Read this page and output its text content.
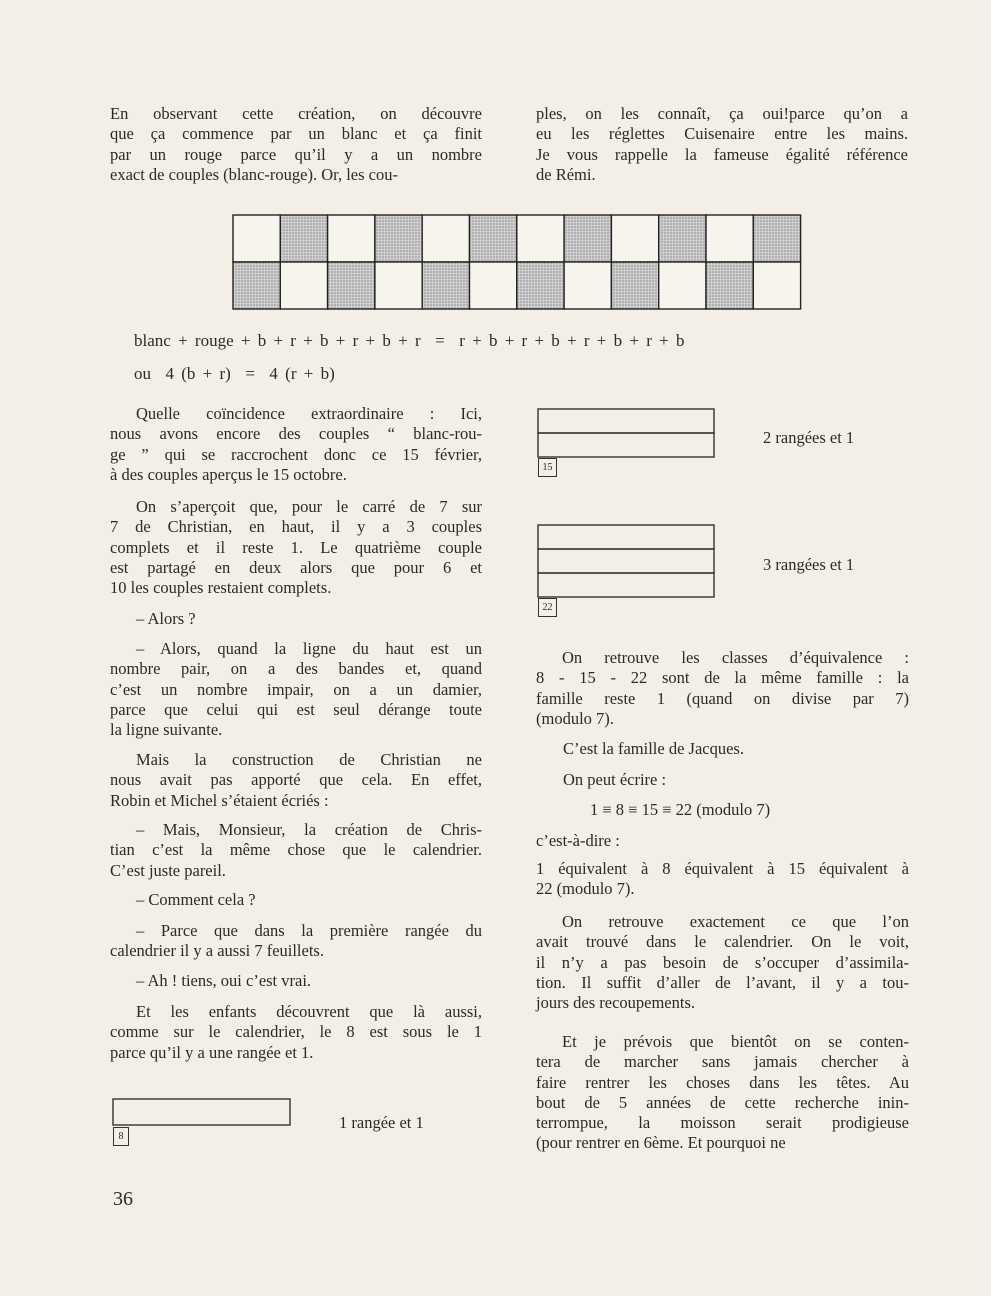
En observant cette création, on découvre
que ça commence par un blanc et ça finit
par un rouge parce qu’il y a un nombre
exact de couples (blanc-rouge). Or, les cou-
ples, on les connaît, ça oui!parce qu’on a
eu les réglettes Cuisenaire entre les mains.
Je vous rappelle la fameuse égalité référence
de Rémi.
blanc + rouge + b + r + b + r + b + r  =  r + b + r + b + r + b + r + b
ou  4 (b + r)  =  4 (r + b)
Quelle coïncidence extraordinaire : Ici,
nous avons encore des couples “ blanc-rou-
ge ” qui se raccrochent donc ce 15 février,
à des couples aperçus le 15 octobre.
On s’aperçoit que, pour le carré de 7 sur
7 de Christian, en haut, il y a 3 couples
complets et il reste 1. Le quatrième couple
est partagé en deux alors que pour 6 et
10 les couples restaient complets.
– Alors ?
– Alors, quand la ligne du haut est un
nombre pair, on a des bandes et, quand
c’est un nombre impair, on a un damier,
parce que celui qui est seul dérange toute
la ligne suivante.
Mais la construction de Christian ne
nous avait pas apporté que cela. En effet,
Robin et Michel s’étaient écriés :
– Mais, Monsieur, la création de Chris-
tian c’est la même chose que le calendrier.
C’est juste pareil.
– Comment cela ?
– Parce que dans la première rangée du
calendrier il y a aussi 7 feuillets.
– Ah ! tiens, oui c’est vrai.
Et les enfants découvrent que là aussi,
comme sur le calendrier, le 8 est sous le 1
parce qu’il y a une rangée et 1.
On retrouve les classes d’équivalence :
8 - 15 - 22 sont de la même famille : la
famille reste 1 (quand on divise par 7)
(modulo 7).
C’est la famille de Jacques.
On peut écrire :
1 ≡ 8 ≡ 15 ≡ 22 (modulo 7)
c’est-à-dire :
1 équivalent à 8 équivalent à 15 équivalent à
22 (modulo 7).
On retrouve exactement ce que l’on
avait trouvé dans le calendrier. On le voit,
il n’y a pas besoin de s’occuper d’assimila-
tion. Il suffit d’aller de l’avant, il y a tou-
jours des recoupements.
Et je prévois que bientôt on se conten-
tera de marcher sans jamais chercher à
faire rentrer les choses dans les têtes. Au
bout de 5 années de cette recherche inin-
terrompue, la moisson serait prodigieuse
(pour rentrer en 6ème. Et pourquoi ne
8
1 rangée et 1
15
2 rangées et 1
22
3 rangées et 1
36
